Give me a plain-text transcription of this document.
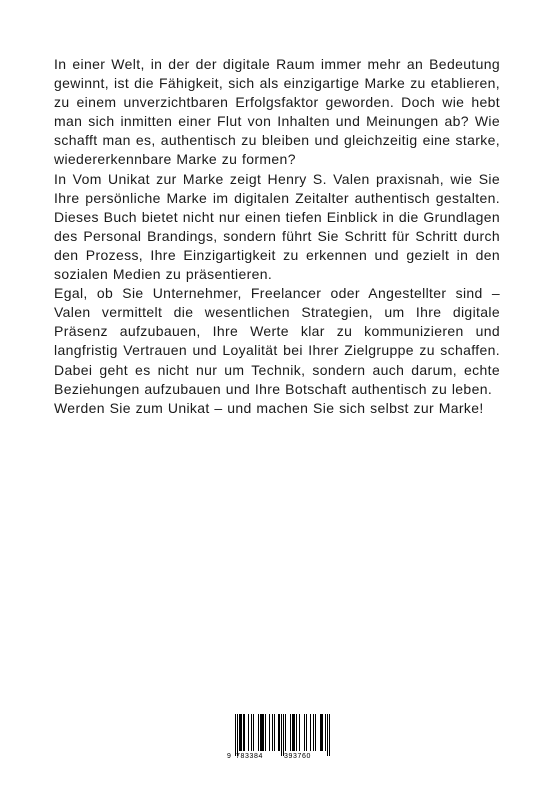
In einer Welt, in der der digitale Raum immer mehr an Bedeutung gewinnt, ist die Fähigkeit, sich als einzigartige Marke zu etablieren, zu einem unverzichtbaren Erfolgsfaktor geworden. Doch wie hebt man sich inmitten einer Flut von Inhalten und Meinungen ab? Wie schafft man es, authentisch zu bleiben und gleichzeitig eine starke, wiedererkennbare Marke zu formen?

In Vom Unikat zur Marke zeigt Henry S. Valen praxisnah, wie Sie Ihre persönliche Marke im digitalen Zeitalter authentisch gestalten. Dieses Buch bietet nicht nur einen tiefen Einblick in die Grundlagen des Personal Brandings, sondern führt Sie Schritt für Schritt durch den Prozess, Ihre Einzigartigkeit zu erkennen und gezielt in den sozialen Medien zu präsentieren.

Egal, ob Sie Unternehmer, Freelancer oder Angestellter sind – Valen vermittelt die wesentlichen Strategien, um Ihre digitale Präsenz aufzubauen, Ihre Werte klar zu kommunizieren und langfristig Vertrauen und Loyalität bei Ihrer Zielgruppe zu schaffen. Dabei geht es nicht nur um Technik, sondern auch darum, echte Beziehungen aufzubauen und Ihre Botschaft authentisch zu leben.

Werden Sie zum Unikat – und machen Sie sich selbst zur Marke!

9 783384	393760
